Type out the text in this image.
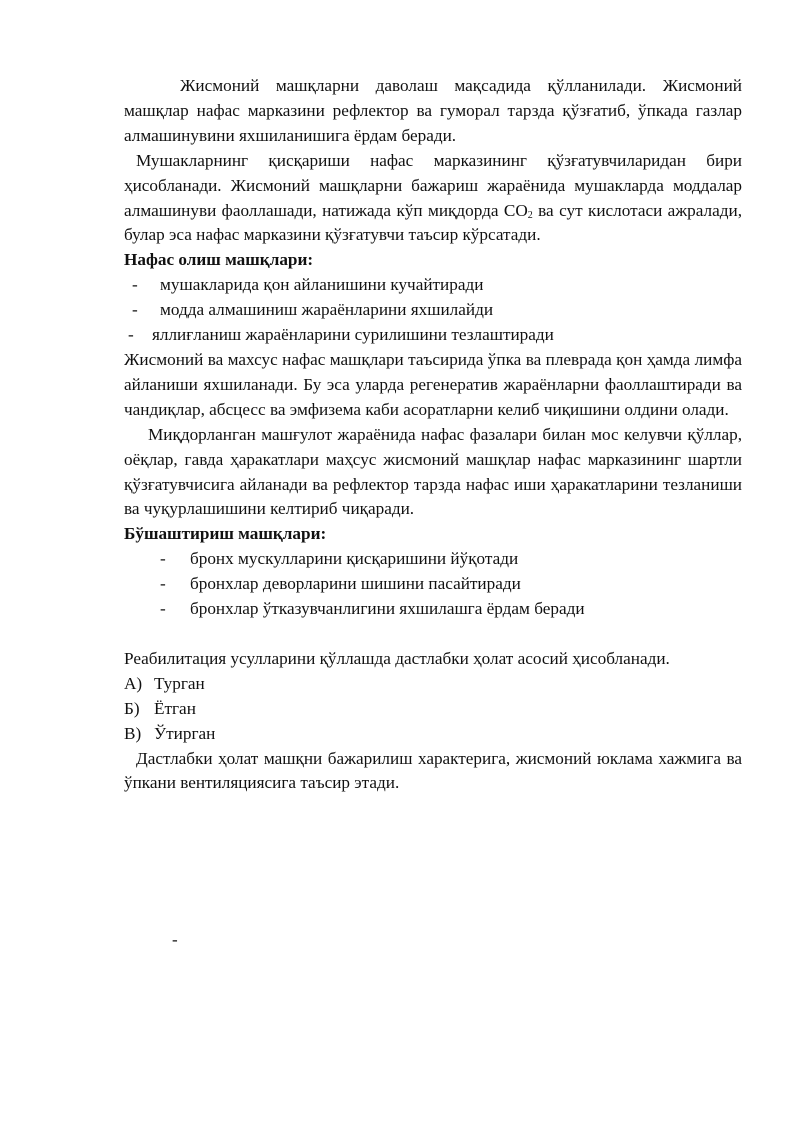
Жисмоний машқларни даволаш мақсадида қўлланилади. Жисмоний машқлар нафас марказини рефлектор ва гуморал тарзда қўзғатиб, ўпкада газлар алмашинувини яхшиланишига ёрдам беради.

Мушакларнинг қисқариши нафас марказининг қўзғатувчиларидан бири ҳисобланади. Жисмоний машқларни бажариш жараёнида мушакларда моддалар алмашинуви фаоллашади, натижада кўп миқдорда $CO_2$ ва сут кислотаси ажралади, булар эса нафас марказини қўзғатувчи таъсир кўрсатади.

Нафас олиш машқлари:

- мушакларида қон айланишини кучайтиради
- модда алмашиниш жараёнларини яхшилайди
- яллиғланиш жараёнларини сурилишини тезлаштиради

Жисмоний ва махсус нафас машқлари таъсирида ўпка ва плеврада қон ҳамда лимфа айланиши яхшиланади. Бу эса уларда регенератив жараёнларни фаоллаштиради ва чандиқлар, абсцесс ва эмфизема каби асоратларни келиб чиқишини олдини олади.

Миқдорланган машғулот жараёнида нафас фазалари билан мос келувчи қўллар, оёқлар, гавда ҳаракатлари маҳсус жисмоний машқлар нафас марказининг шартли қўзғатувчисига айланади ва рефлектор тарзда нафас иши ҳаракатларини тезланиши ва чуқурлашишини келтириб чиқаради.

Бўшаштириш машқлари:

- бронх мускулларини қисқаришини йўқотади
- бронхлар деворларини шишини пасайтиради
- бронхлар ўтказувчанлигини яхшилашга ёрдам беради

Реабилитация усулларини қўллашда дастлабки ҳолат асосий ҳисобланади.

А) Турган
Б) Ётган
В) Ўтирган

Дастлабки ҳолат машқни бажарилиш характерига, жисмоний юклама хажмига ва ўпкани вентиляциясига таъсир этади.

-
